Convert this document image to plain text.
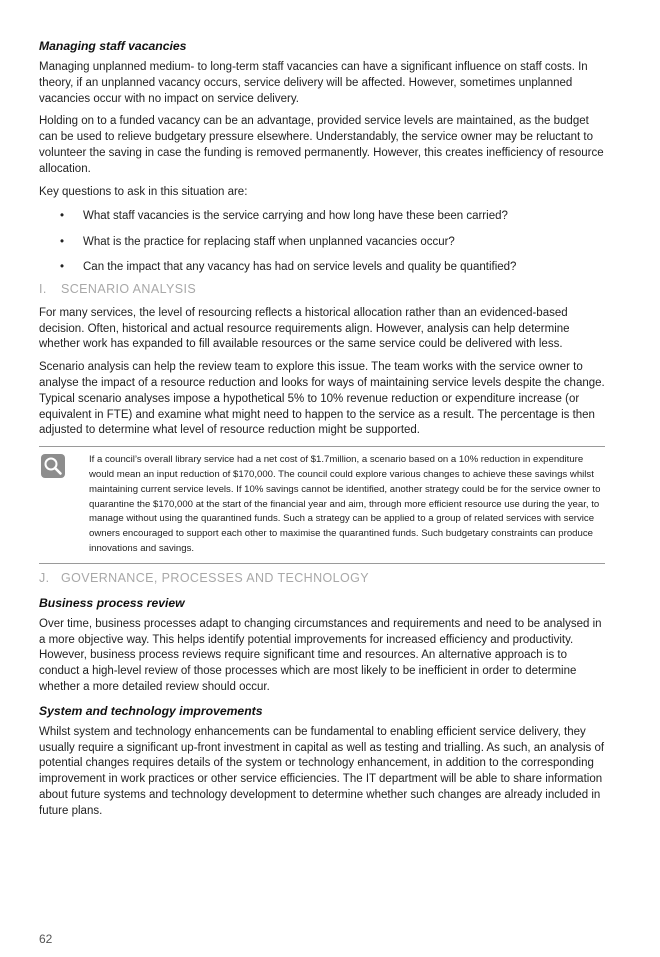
Managing staff vacancies

Managing unplanned medium- to long-term staff vacancies can have a significant influence on staff costs. In theory, if an unplanned vacancy occurs, service delivery will be affected. However, sometimes unplanned vacancies occur with no impact on service delivery.

Holding on to a funded vacancy can be an advantage, provided service levels are maintained, as the budget can be used to relieve budgetary pressure elsewhere. Understandably, the service owner may be reluctant to volunteer the saving in case the funding is removed permanently. However, this creates inefficiency of resource allocation.

Key questions to ask in this situation are:

• What staff vacancies is the service carrying and how long have these been carried?
• What is the practice for replacing staff when unplanned vacancies occur?
• Can the impact that any vacancy has had on service levels and quality be quantified?
I.	SCENARIO ANALYSIS

For many services, the level of resourcing reflects a historical allocation rather than an evidenced-based decision. Often, historical and actual resource requirements align. However, analysis can help determine whether work has expanded to fill available resources or the same service could be delivered with less.

Scenario analysis can help the review team to explore this issue. The team works with the service owner to analyse the impact of a resource reduction and looks for ways of maintaining service levels despite the change. Typical scenario analyses impose a hypothetical 5% to 10% revenue reduction or expenditure increase (or equivalent in FTE) and examine what might need to happen to the service as a result. The percentage is then adjusted to determine what level of resource reduction might be supported.

If a council’s overall library service had a net cost of $1.7million, a scenario based on a 10% reduction in expenditure would mean an input reduction of $170,000. The council could explore various changes to achieve these savings whilst maintaining current service levels. If 10% savings cannot be identified, another strategy could be for the service owner to quarantine the $170,000 at the start of the financial year and aim, through more efficient resource use during the year, to manage without using the quarantined funds. Such a strategy can be applied to a group of related services with service owners encouraged to support each other to maximise the quarantined funds. Such budgetary constraints can produce innovations and savings.
J. GOVERNANCE, PROCESSES AND TECHNOLOGY
Business process review

Over time, business processes adapt to changing circumstances and requirements and need to be analysed in a more objective way. This helps identify potential improvements for increased efficiency and productivity. However, business process reviews require significant time and resources. An alternative approach is to conduct a high-level review of those processes which are most likely to be inefficient in order to determine whether a more detailed review should occur.

System and technology improvements

Whilst system and technology enhancements can be fundamental to enabling efficient service delivery, they usually require a significant up-front investment in capital as well as testing and trialling. As such, an analysis of potential changes requires details of the system or technology enhancement, in addition to the corresponding improvement in work practices or other service efficiencies. The IT department will be able to share information about future systems and technology development to determine whether such changes are already included in future plans.

62
